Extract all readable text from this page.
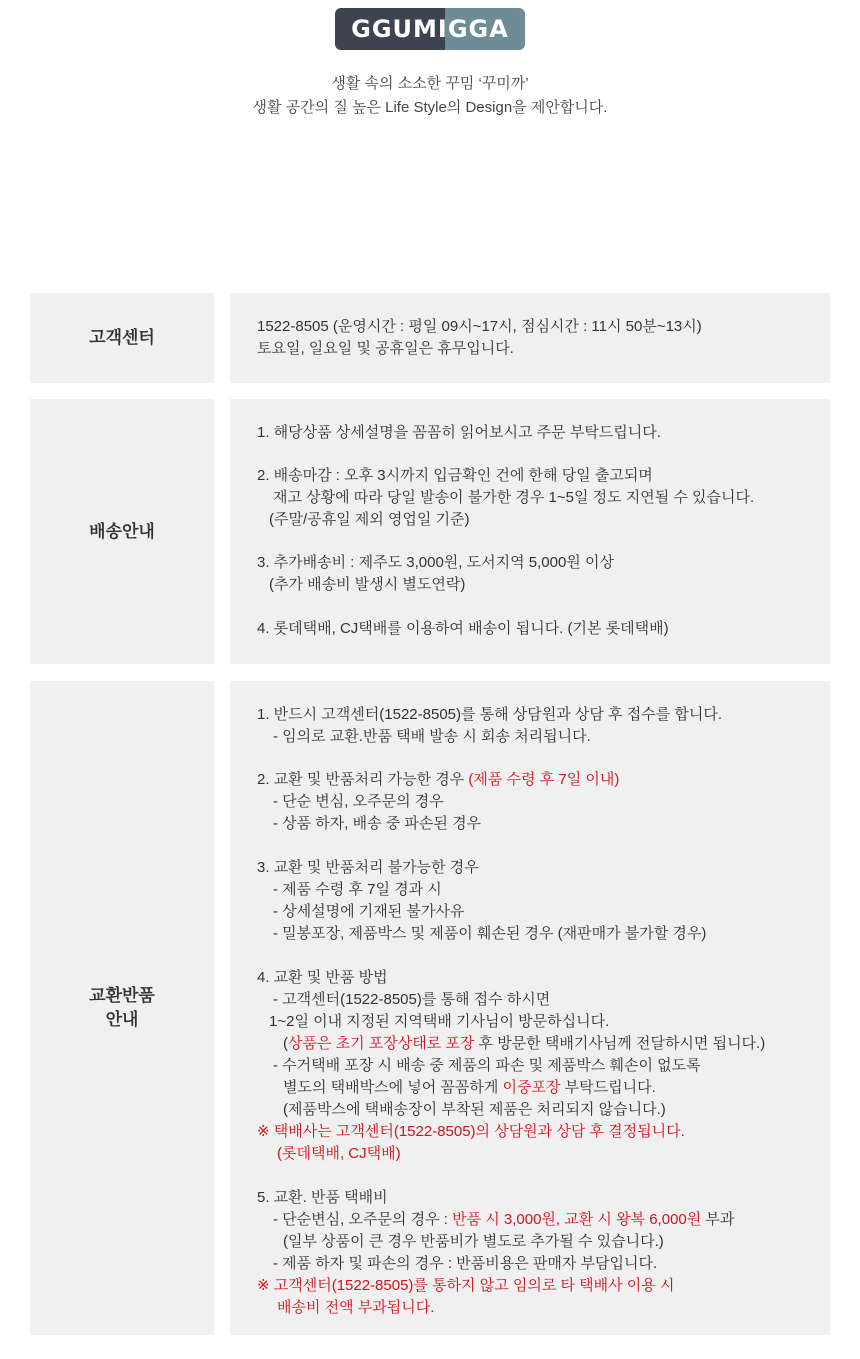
GGUMIGGA
생활 속의 소소한 꾸밈 ‘꾸미까’
생활 공간의 질 높은 Life Style의 Design을 제안합니다.
고객센터
1522-8505 (운영시간 : 평일 09시~17시, 점심시간 : 11시 50분~13시)
토요일, 일요일 및 공휴일은 휴무입니다.
배송안내
1. 해당상품 상세설명을 꼼꼼히 읽어보시고 주문 부탁드립니다.
2. 배송마감 : 오후 3시까지 입금확인 건에 한해 당일 출고되며
재고 상황에 따라 당일 발송이 불가한 경우 1~5일 정도 지연될 수 있습니다.
(주말/공휴일 제외 영업일 기준)
3. 추가배송비 : 제주도 3,000원, 도서지역 5,000원 이상
(추가 배송비 발생시 별도연락)
4. 롯데택배, CJ택배를 이용하여 배송이 됩니다. (기본 롯데택배)
교환반품
안내
1. 반드시 고객센터(1522-8505)를 통해 상담원과 상담 후 접수를 합니다.
- 임의로 교환.반품 택배 발송 시 회송 처리됩니다.
2. 교환 및 반품처리 가능한 경우 (제품 수령 후 7일 이내)
- 단순 변심, 오주문의 경우
- 상품 하자, 배송 중 파손된 경우
3. 교환 및 반품처리 불가능한 경우
- 제품 수령 후 7일 경과 시
- 상세설명에 기재된 불가사유
- 밀봉포장, 제품박스 및 제품이 훼손된 경우 (재판매가 불가할 경우)
4. 교환 및 반품 방법
- 고객센터(1522-8505)를 통해 접수 하시면
1~2일 이내 지정된 지역택배 기사님이 방문하십니다.
(상품은 초기 포장상태로 포장 후 방문한 택배기사님께 전달하시면 됩니다.)
- 수거택배 포장 시 배송 중 제품의 파손 및 제품박스 훼손이 없도록
별도의 택배박스에 넣어 꼼꼼하게 이중포장 부탁드립니다.
(제품박스에 택배송장이 부착된 제품은 처리되지 않습니다.)
※ 택배사는 고객센터(1522-8505)의 상담원과 상담 후 결정됩니다.
(롯데택배, CJ택배)
5. 교환. 반품 택배비
- 단순변심, 오주문의 경우 : 반품 시 3,000원, 교환 시 왕복 6,000원 부과
(일부 상품이 큰 경우 반품비가 별도로 추가될 수 있습니다.)
- 제품 하자 및 파손의 경우 : 반품비용은 판매자 부담입니다.
※ 고객센터(1522-8505)를 통하지 않고 임의로 타 택배사 이용 시
배송비 전액 부과됩니다.
